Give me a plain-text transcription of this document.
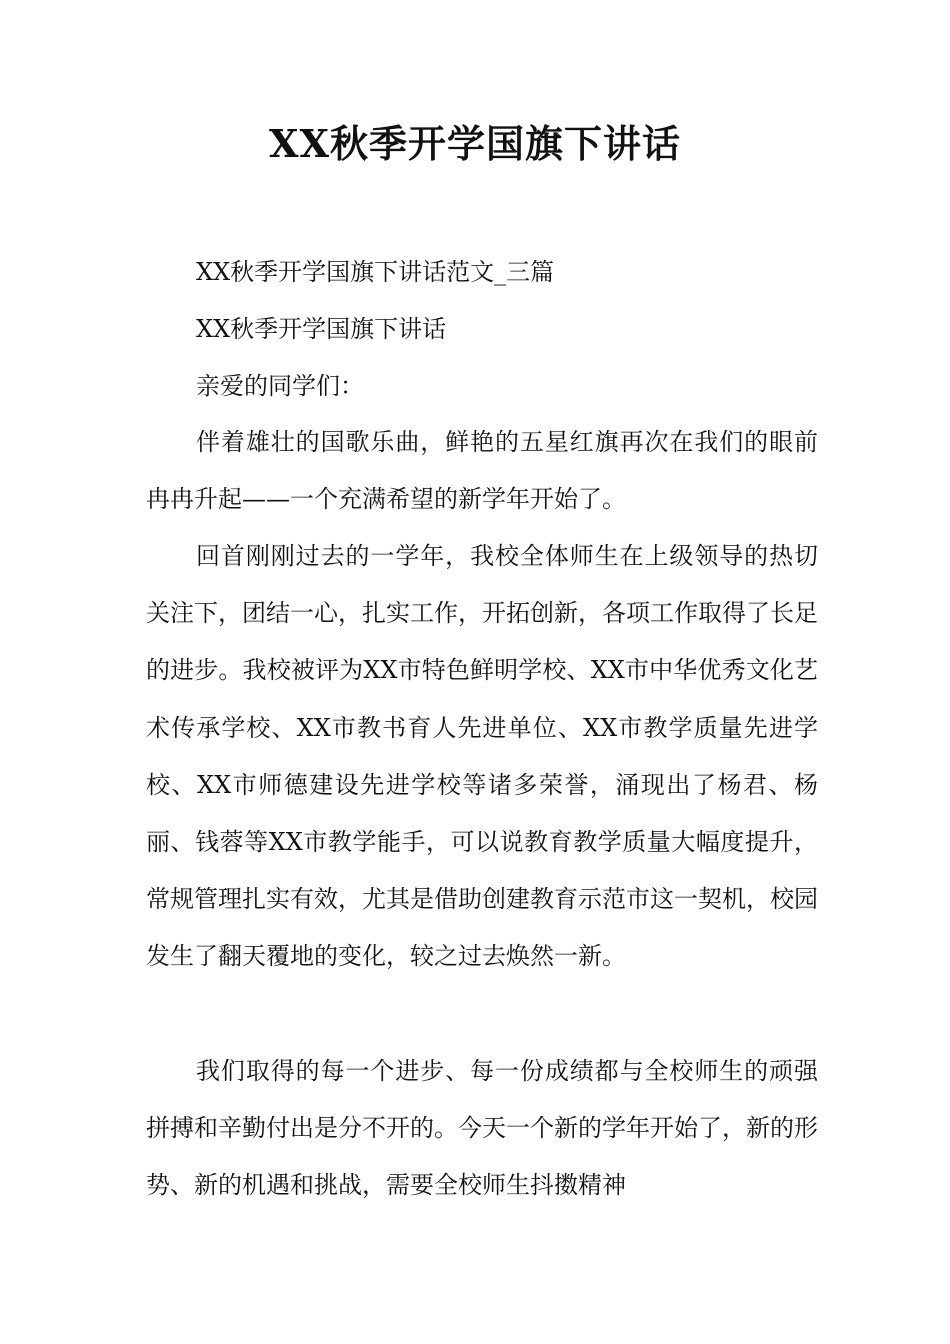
XX秋季开学国旗下讲话
XX秋季开学国旗下讲话范文_三篇
XX秋季开学国旗下讲话
亲爱的同学们：

伴着雄壮的国歌乐曲，鲜艳的五星红旗再次在我们的眼前冉冉升起——一个充满希望的新学年开始了。

回首刚刚过去的一学年，我校全体师生在上级领导的热切关注下，团结一心，扎实工作，开拓创新，各项工作取得了长足的进步。我校被评为XX市特色鲜明学校、XX市中华优秀文化艺术传承学校、XX市教书育人先进单位、XX市教学质量先进学校、XX市师德建设先进学校等诸多荣誉，涌现出了杨君、杨丽、钱蓉等XX市教学能手，可以说教育教学质量大幅度提升，常规管理扎实有效，尤其是借助创建教育示范市这一契机，校园发生了翻天覆地的变化，较之过去焕然一新。

我们取得的每一个进步、每一份成绩都与全校师生的顽强拼搏和辛勤付出是分不开的。今天一个新的学年开始了，新的形势、新的机遇和挑战，需要全校师生抖擞精神
